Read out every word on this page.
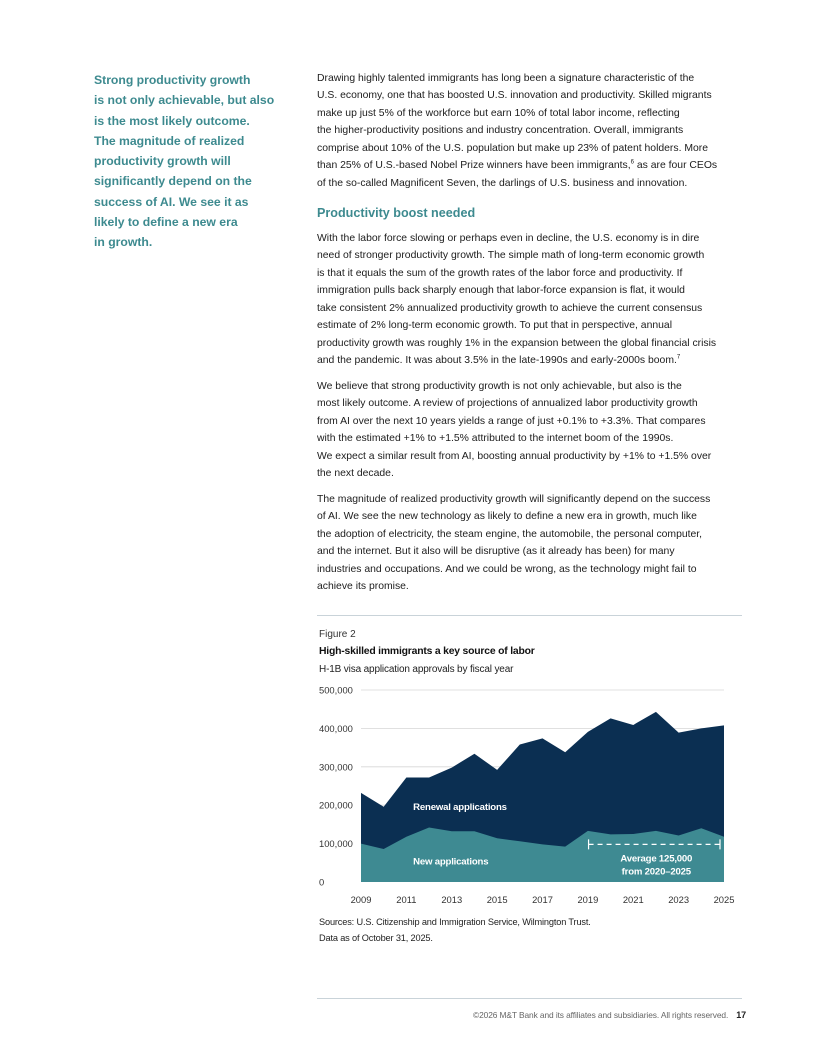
Strong productivity growth
is not only achievable, but also
is the most likely outcome.
The magnitude of realized
productivity growth will
significantly depend on the
success of AI. We see it as
likely to define a new era
in growth.
Drawing highly talented immigrants has long been a signature characteristic of the
U.S. economy, one that has boosted U.S. innovation and productivity. Skilled migrants
make up just 5% of the workforce but earn 10% of total labor income, reflecting
the higher-productivity positions and industry concentration. Overall, immigrants
comprise about 10% of the U.S. population but make up 23% of patent holders. More
than 25% of U.S.-based Nobel Prize winners have been immigrants,$^6$ as are four CEOs
of the so-called Magnificent Seven, the darlings of U.S. business and innovation.
Productivity boost needed
With the labor force slowing or perhaps even in decline, the U.S. economy is in dire
need of stronger productivity growth. The simple math of long-term economic growth
is that it equals the sum of the growth rates of the labor force and productivity. If
immigration pulls back sharply enough that labor-force expansion is flat, it would
take consistent 2% annualized productivity growth to achieve the current consensus
estimate of 2% long-term economic growth. To put that in perspective, annual
productivity growth was roughly 1% in the expansion between the global financial crisis
and the pandemic. It was about 3.5% in the late-1990s and early-2000s boom.$^7$
We believe that strong productivity growth is not only achievable, but also is the
most likely outcome. A review of projections of annualized labor productivity growth
from AI over the next 10 years yields a range of just +0.1% to +3.3%. That compares
with the estimated +1% to +1.5% attributed to the internet boom of the 1990s.
We expect a similar result from AI, boosting annual productivity by +1% to +1.5% over
the next decade.
The magnitude of realized productivity growth will significantly depend on the success
of AI. We see the new technology as likely to define a new era in growth, much like
the adoption of electricity, the steam engine, the automobile, the personal computer,
and the internet. But it also will be disruptive (as it already has been) for many
industries and occupations. And we could be wrong, as the technology might fail to
achieve its promise.
Figure 2
High-skilled immigrants a key source of labor
H-1B visa application approvals by fiscal year
0
100,000
200,000
300,000
400,000
500,000
2009	2011	2013	2015	2017	2019	2021	2023	2025
Renewal applications
New applications	Average 125,000
from 2020–2025
Sources: U.S. Citizenship and Immigration Service, Wilmington Trust.
Data as of October 31, 2025.
©2026 M&T Bank and its affiliates and subsidiaries. All rights reserved. 17
